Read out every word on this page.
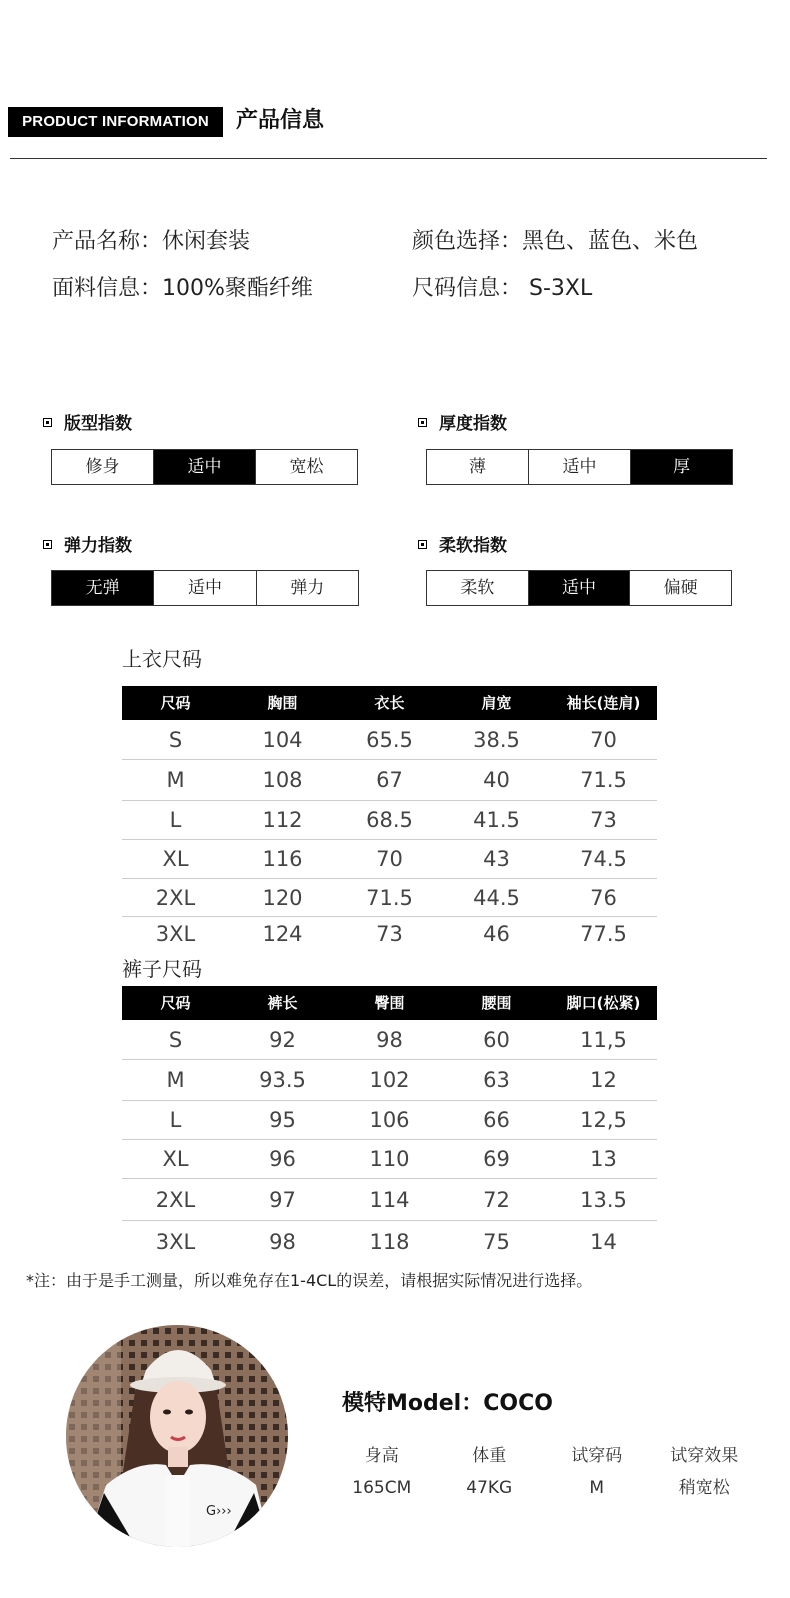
PRODUCT INFORMATION	产品信息
产品名称：休闲套装
面料信息：100%聚酯纤维
颜色选择：黑色、蓝色、米色
尺码信息： S-3XL
版型指数
修身	适中	宽松
厚度指数
薄	适中	厚
弹力指数
无弹	适中	弹力
柔软指数
柔软	适中	偏硬
上衣尺码
尺码	胸围	衣长	肩宽	袖长(连肩)
S	104	65.5	38.5	70
M	108	67	40	71.5
L	112	68.5	41.5	73
XL	116	70	43	74.5
2XL	120	71.5	44.5	76
3XL	124	73	46	77.5
裤子尺码
尺码	裤长	臀围	腰围	脚口(松紧)
S	92	98	60	11,5
M	93.5	102	63	12
L	95	106	66	12,5
XL	96	110	69	13
2XL	97	114	72	13.5
3XL	98	118	75	14
*注：由于是手工测量，所以难免存在1-4CL的误差，请根据实际情况进行选择。
G›››
模特Model：COCO
身高	体重	试穿码	试穿效果
165CM	47KG	M	稍宽松
